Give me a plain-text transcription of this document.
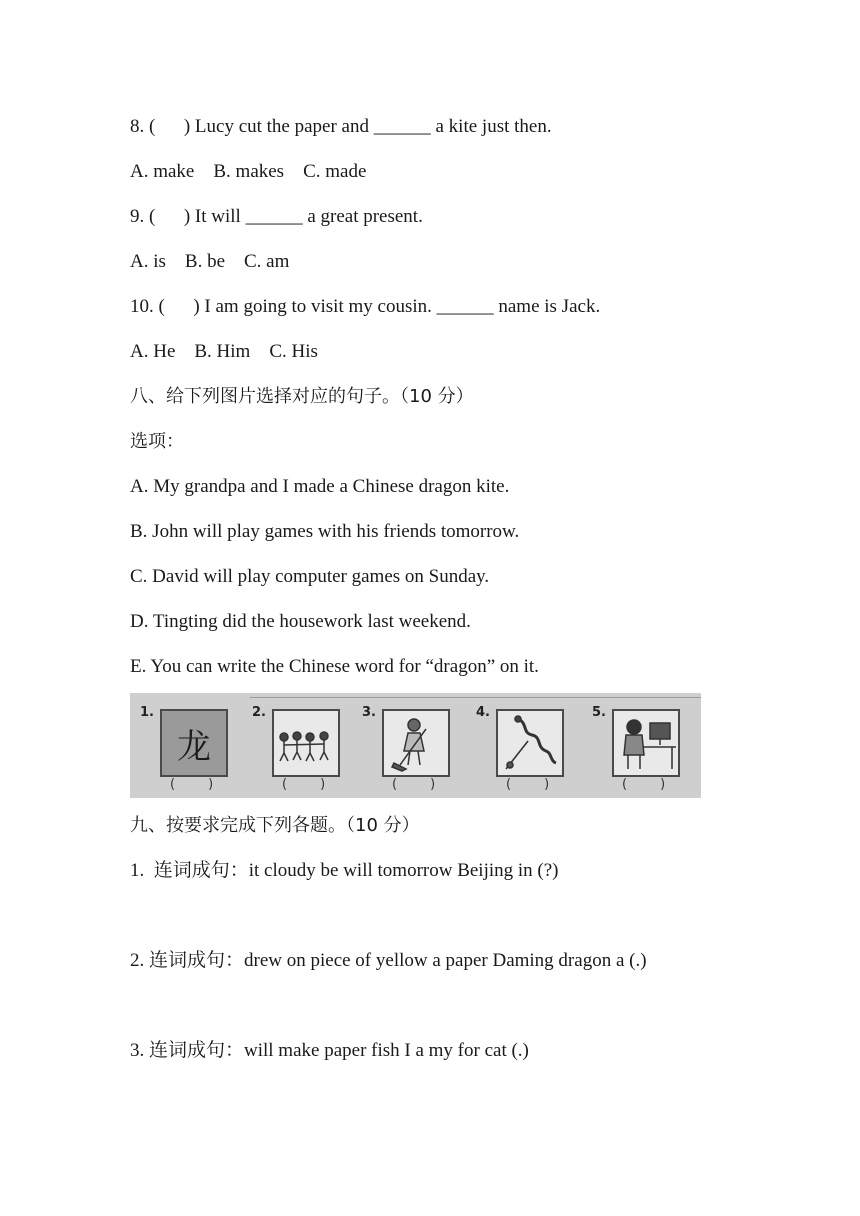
8. (      ) Lucy cut the paper and ______ a kite just then.
A. make    B. makes    C. made
9. (      ) It will ______ a great present.
A. is    B. be    C. am
10. (      ) I am going to visit my cousin. ______ name is Jack.
A. He    B. Him    C. His
八、给下列图片选择对应的句子。（10 分）
选项：
A. My grandpa and I made a Chinese dragon kite.
B. John will play games with his friends tomorrow.
C. David will play computer games on Sunday.
D. Tingting did the housework last weekend.
E. You can write the Chinese word for “dragon” on it.
1.
龙
(        )
2.
(        )
3.
(        )
4.
(        )
5.
(        )
九、按要求完成下列各题。（10 分）
1.  连词成句：it cloudy be will tomorrow Beijing in (?)
2. 连词成句：drew on piece of yellow a paper Daming dragon a (.)
3. 连词成句：will make paper fish I a my for cat (.)
